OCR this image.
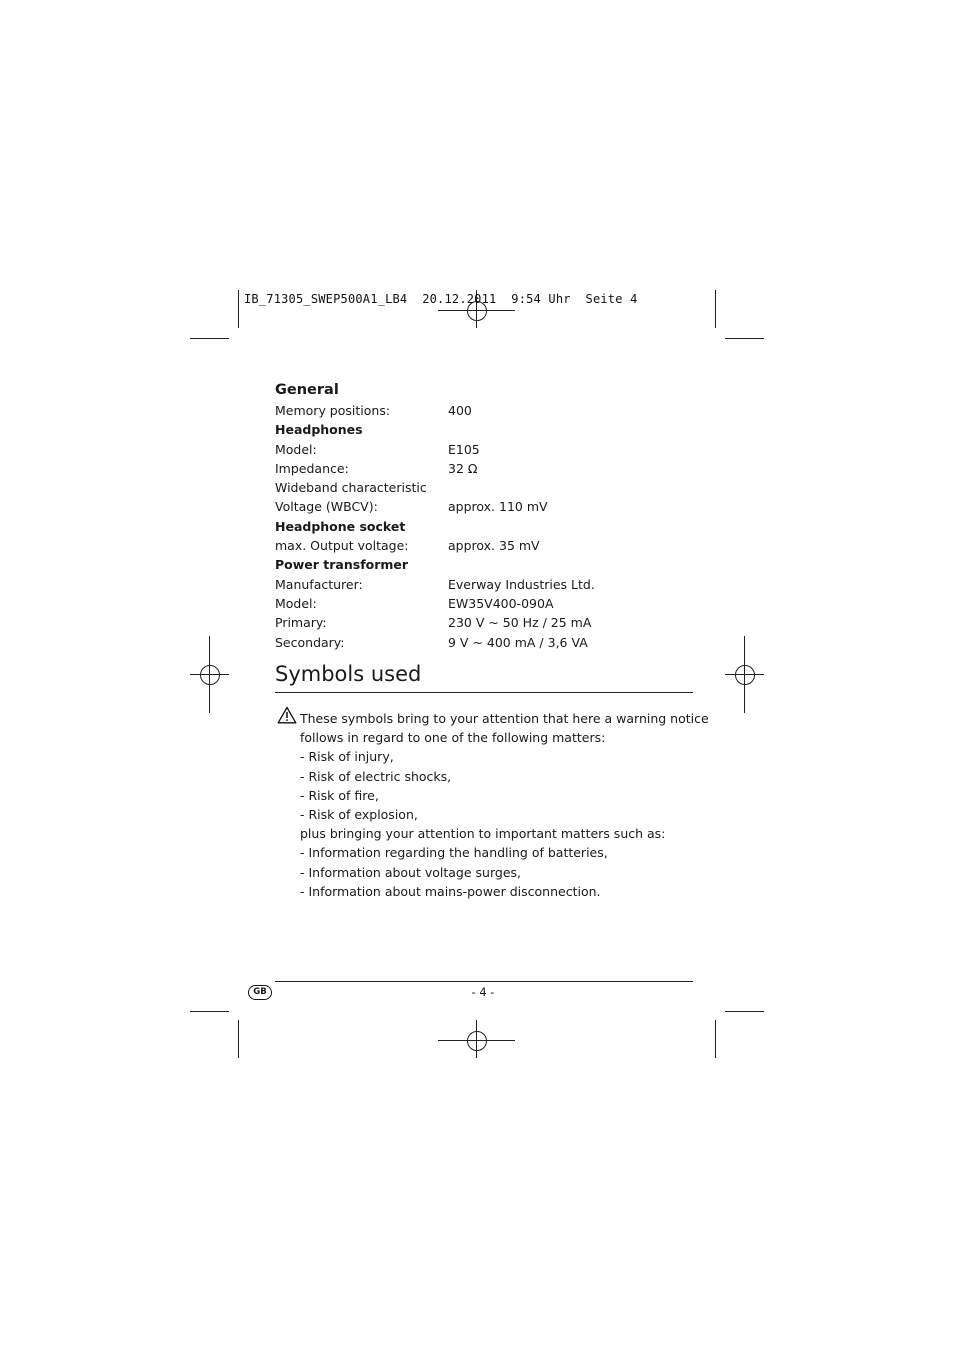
IB_71305_SWEP500A1_LB4  20.12.2011  9:54 Uhr  Seite 4
General
Memory positions:	400
Headphones
Model:	E105
Impedance:	32 Ω
Wideband characteristic
Voltage (WBCV):	approx. 110 mV
Headphone socket
max. Output voltage:	approx. 35 mV
Power transformer
Manufacturer:	Everway Industries Ltd.
Model:	EW35V400-090A
Primary:	230 V ~ 50 Hz / 25 mA
Secondary:	9 V ~ 400 mA / 3,6 VA
Symbols used
These symbols bring to your attention that here a warning notice
follows in regard to one of the following matters:
- Risk of injury,
- Risk of electric shocks,
- Risk of fire,
- Risk of explosion,
plus bringing your attention to important matters such as:
- Information regarding the handling of batteries,
- Information about voltage surges,
- Information about mains-power disconnection.
GB	- 4 -
